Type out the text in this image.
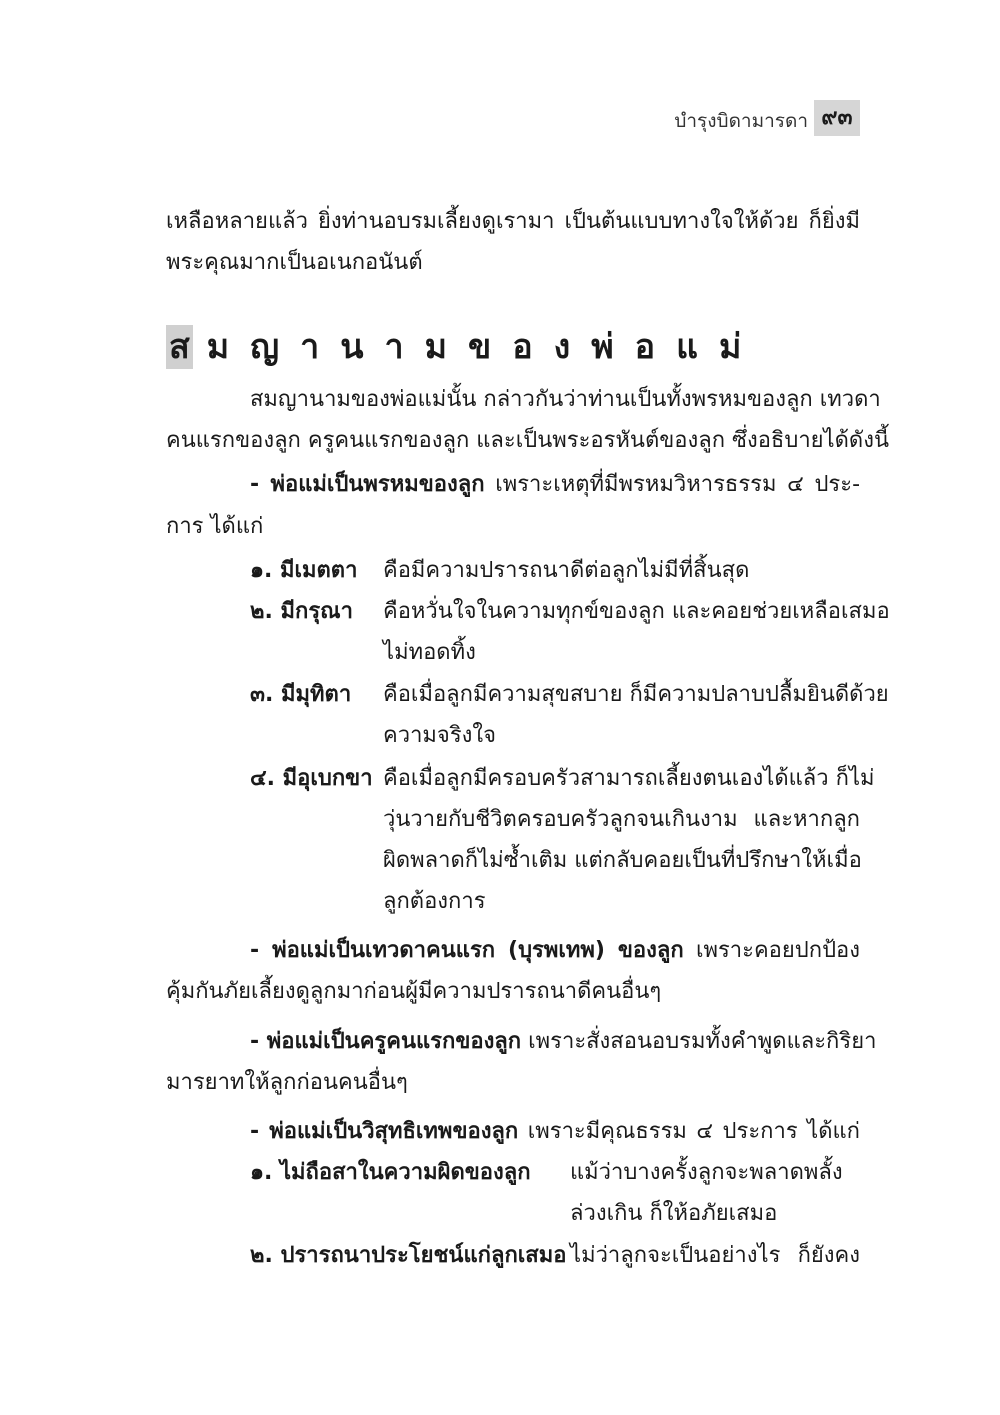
บำรุงบิดามารดา ๙๓
เหลือหลายแล้ว ยิ่งท่านอบรมเลี้ยงดูเรามา เป็นต้นแบบทางใจให้ด้วย ก็ยิ่งมี
พระคุณมากเป็นอเนกอนันต์
ส มญานามของพ่อแม่
สมญานามของพ่อแม่นั้น กล่าวกันว่าท่านเป็นทั้งพรหมของลูก เทวดา
คนแรกของลูก ครูคนแรกของลูก และเป็นพระอรหันต์ของลูก ซึ่งอธิบายได้ดังนี้
- พ่อแม่เป็นพรหมของลูก เพราะเหตุที่มีพรหมวิหารธรรม ๔ ประ-
การ ได้แก่
๑. มีเมตตา คือมีความปรารถนาดีต่อลูกไม่มีที่สิ้นสุด
๒. มีกรุณา คือหวั่นใจในความทุกข์ของลูก และคอยช่วยเหลือเสมอ
ไม่ทอดทิ้ง
๓. มีมุทิตา คือเมื่อลูกมีความสุขสบาย ก็มีความปลาบปลื้มยินดีด้วย
ความจริงใจ
๔. มีอุเบกขา คือเมื่อลูกมีครอบครัวสามารถเลี้ยงตนเองได้แล้ว ก็ไม่
วุ่นวายกับชีวิตครอบครัวลูกจนเกินงาม และหากลูก
ผิดพลาดก็ไม่ซ้ำเติม แต่กลับคอยเป็นที่ปรึกษาให้เมื่อ
ลูกต้องการ
- พ่อแม่เป็นเทวดาคนแรก (บุรพเทพ) ของลูก เพราะคอยปกป้อง
คุ้มกันภัยเลี้ยงดูลูกมาก่อนผู้มีความปรารถนาดีคนอื่นๆ
- พ่อแม่เป็นครูคนแรกของลูก เพราะสั่งสอนอบรมทั้งคำพูดและกิริยา
มารยาทให้ลูกก่อนคนอื่นๆ
- พ่อแม่เป็นวิสุทธิเทพของลูก เพราะมีคุณธรรม ๔ ประการ ได้แก่
๑. ไม่ถือสาในความผิดของลูก แม้ว่าบางครั้งลูกจะพลาดพลั้ง
ล่วงเกิน ก็ให้อภัยเสมอ
๒. ปรารถนาประโยชน์แก่ลูกเสมอ ไม่ว่าลูกจะเป็นอย่างไร ก็ยังคง
